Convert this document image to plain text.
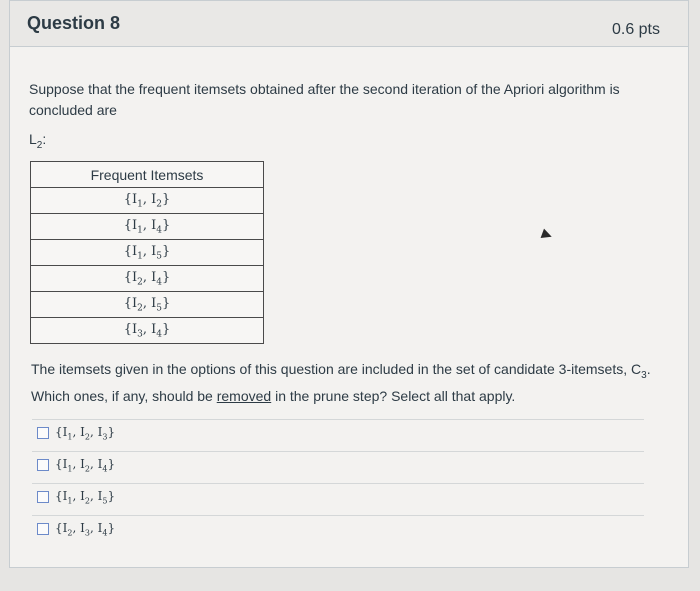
Question 8	0.6 pts
Suppose that the frequent itemsets obtained after the second iteration of the Apriori algorithm is concluded are
$L_2$:
Frequent Itemsets
{$I_1$, $I_2$}
{$I_1$, $I_4$}
{$I_1$, $I_5$}
{$I_2$, $I_4$}
{$I_2$, $I_5$}
{$I_3$, $I_4$}
The itemsets given in the options of this question are included in the set of candidate 3-itemsets, $C_3$. Which ones, if any, should be removed in the prune step? Select all that apply.
{$I_1$, $I_2$, $I_3$}
{$I_1$, $I_2$, $I_4$}
{$I_1$, $I_2$, $I_5$}
{$I_2$, $I_3$, $I_4$}
